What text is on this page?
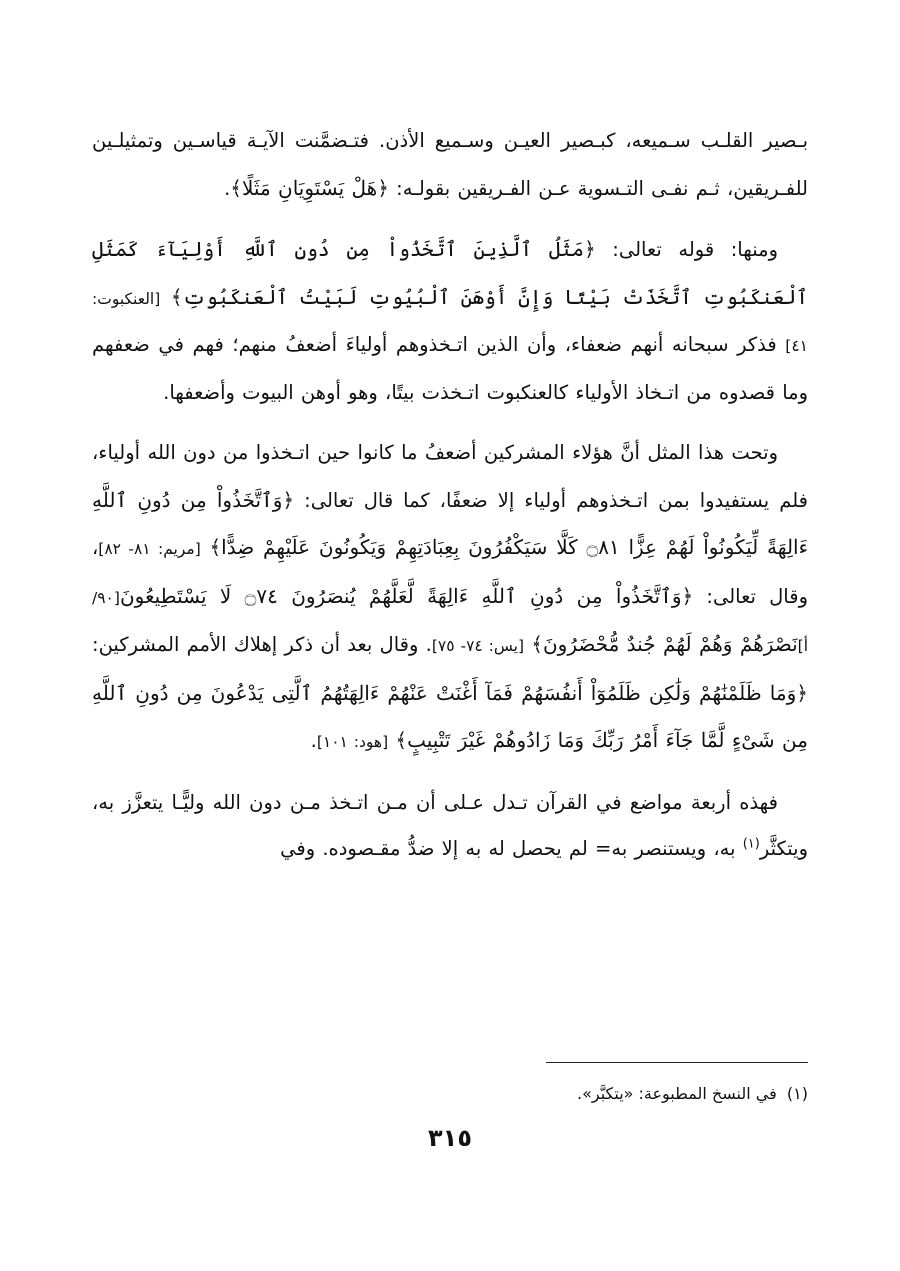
بـصير القلـب سـميعه، كبـصير العيـن وسـميع الأذن. فتـضمَّنت الآيـة قياسـين وتمثيلـين للفـريقين، ثـم نفـى التـسوية عـن الفـريقين بقولـه: ﴿هَلْ يَسْتَوِيَانِ مَثَلًا﴾.

ومنها: قوله تعالى: ﴿مَثَلُ ٱلَّذِينَ ٱتَّخَذُواْ مِن دُونِ ٱللَّهِ أَوْلِيَآءَ كَمَثَلِ ٱلْعَنكَبُوتِ ٱتَّخَذَتْ بَيْتًا وَإِنَّ أَوْهَنَ ٱلْبُيُوتِ لَبَيْتُ ٱلْعَنكَبُوتِ﴾ [العنكبوت: ٤١] فذكر سبحانه أنهم ضعفاء، وأن الذين اتـخذوهم أولياءَ أضعفُ منهم؛ فهم في ضعفهم وما قصدوه من اتـخاذ الأولياء كالعنكبوت اتـخذت بيتًا، وهو أوهن البيوت وأضعفها.

وتحت هذا المثل أنَّ هؤلاء المشركين أضعفُ ما كانوا حين اتـخذوا من دون الله أولياء، فلم يستفيدوا بمن اتـخذوهم أولياء إلا ضعفًا، كما قال تعالى: ﴿وَٱتَّخَذُواْ مِن دُونِ ٱللَّهِ ءَالِهَةً لِّيَكُونُواْ لَهُمْ عِزًّا ۝٨١ كَلَّا سَيَكْفُرُونَ بِعِبَادَتِهِمْ وَيَكُونُونَ عَلَيْهِمْ ضِدًّا﴾ [مريم: ٨١- ٨٢]، وقال تعالى: ﴿وَٱتَّخَذُواْ مِن دُونِ ٱللَّهِ ءَالِهَةً لَّعَلَّهُمْ يُنصَرُونَ ۝٧٤ لَا يَسْتَطِيعُونَ[٩٠/ أ]نَصْرَهُمْ وَهُمْ لَهُمْ جُندٌ مُّحْضَرُونَ﴾ [يس: ٧٤- ٧٥]. وقال بعد أن ذكر إهلاك الأمم المشركين: ﴿وَمَا ظَلَمْنَٰهُمْ وَلَٰكِن ظَلَمُوٓاْ أَنفُسَهُمْ فَمَآ أَغْنَتْ عَنْهُمْ ءَالِهَتُهُمُ ٱلَّتِى يَدْعُونَ مِن دُونِ ٱللَّهِ مِن شَىْءٍ لَّمَّا جَآءَ أَمْرُ رَبِّكَ وَمَا زَادُوهُمْ غَيْرَ تَتْبِيبٍ﴾ [هود: ١٠١].

فهذه أربعة مواضع في القرآن تـدل عـلى أن مـن اتـخذ مـن دون الله وليًّـا يتعزَّز به، ويتكثَّر$^{(١)}$ به، ويستنصر به= لم يحصل له به إلا ضدُّ مقـصوده. وفي

(١)  في النسخ المطبوعة: «يتكبَّر».
٣١٥
